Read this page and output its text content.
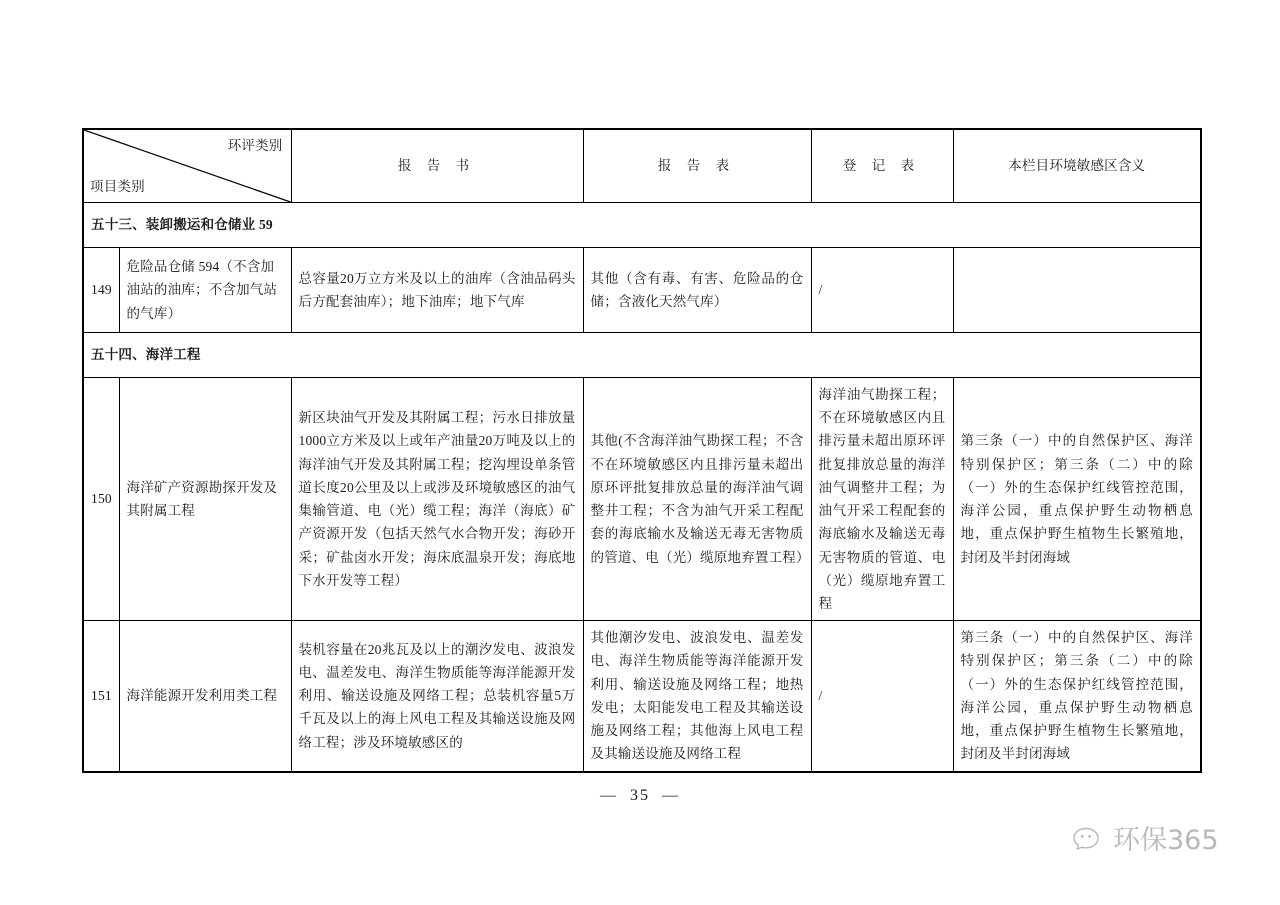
环评类别
项目类别		报 告 书	报 告 表	登 记 表	本栏目环境敏感区含义
五十三、装卸搬运和仓储业 59					
149	危险品仓储 594（不含加油站的油库；不含加气站的气库）	总容量20万立方米及以上的油库（含油品码头后方配套油库）；地下油库；地下气库	其他（含有毒、有害、危险品的仓储；含液化天然气库）	/	
五十四、海洋工程					
150	海洋矿产资源勘探开发及其附属工程	新区块油气开发及其附属工程；污水日排放量1000立方米及以上或年产油量20万吨及以上的海洋油气开发及其附属工程；挖沟埋设单条管道长度20公里及以上或涉及环境敏感区的油气集输管道、电（光）缆工程；海洋（海底）矿产资源开发（包括天然气水合物开发；海砂开采；矿盐卤水开发；海床底温泉开发；海底地下水开发等工程）	其他(不含海洋油气勘探工程；不含不在环境敏感区内且排污量未超出原环评批复排放总量的海洋油气调整井工程；不含为油气开采工程配套的海底输水及输送无毒无害物质的管道、电（光）缆原地弃置工程）	海洋油气勘探工程；不在环境敏感区内且排污量未超出原环评批复排放总量的海洋油气调整井工程；为油气开采工程配套的海底输水及输送无毒无害物质的管道、电（光）缆原地弃置工程	第三条（一）中的自然保护区、海洋特别保护区；第三条（二）中的除（一）外的生态保护红线管控范围，海洋公园，重点保护野生动物栖息地，重点保护野生植物生长繁殖地，封闭及半封闭海域
151	海洋能源开发利用类工程	装机容量在20兆瓦及以上的潮汐发电、波浪发电、温差发电、海洋生物质能等海洋能源开发利用、输送设施及网络工程；总装机容量5万千瓦及以上的海上风电工程及其输送设施及网络工程；涉及环境敏感区的	其他潮汐发电、波浪发电、温差发电、海洋生物质能等海洋能源开发利用、输送设施及网络工程；地热发电；太阳能发电工程及其输送设施及网络工程；其他海上风电工程及其输送设施及网络工程	/	第三条（一）中的自然保护区、海洋特别保护区；第三条（二）中的除（一）外的生态保护红线管控范围，海洋公园，重点保护野生动物栖息地，重点保护野生植物生长繁殖地，封闭及半封闭海域
— 35 —
环保365
